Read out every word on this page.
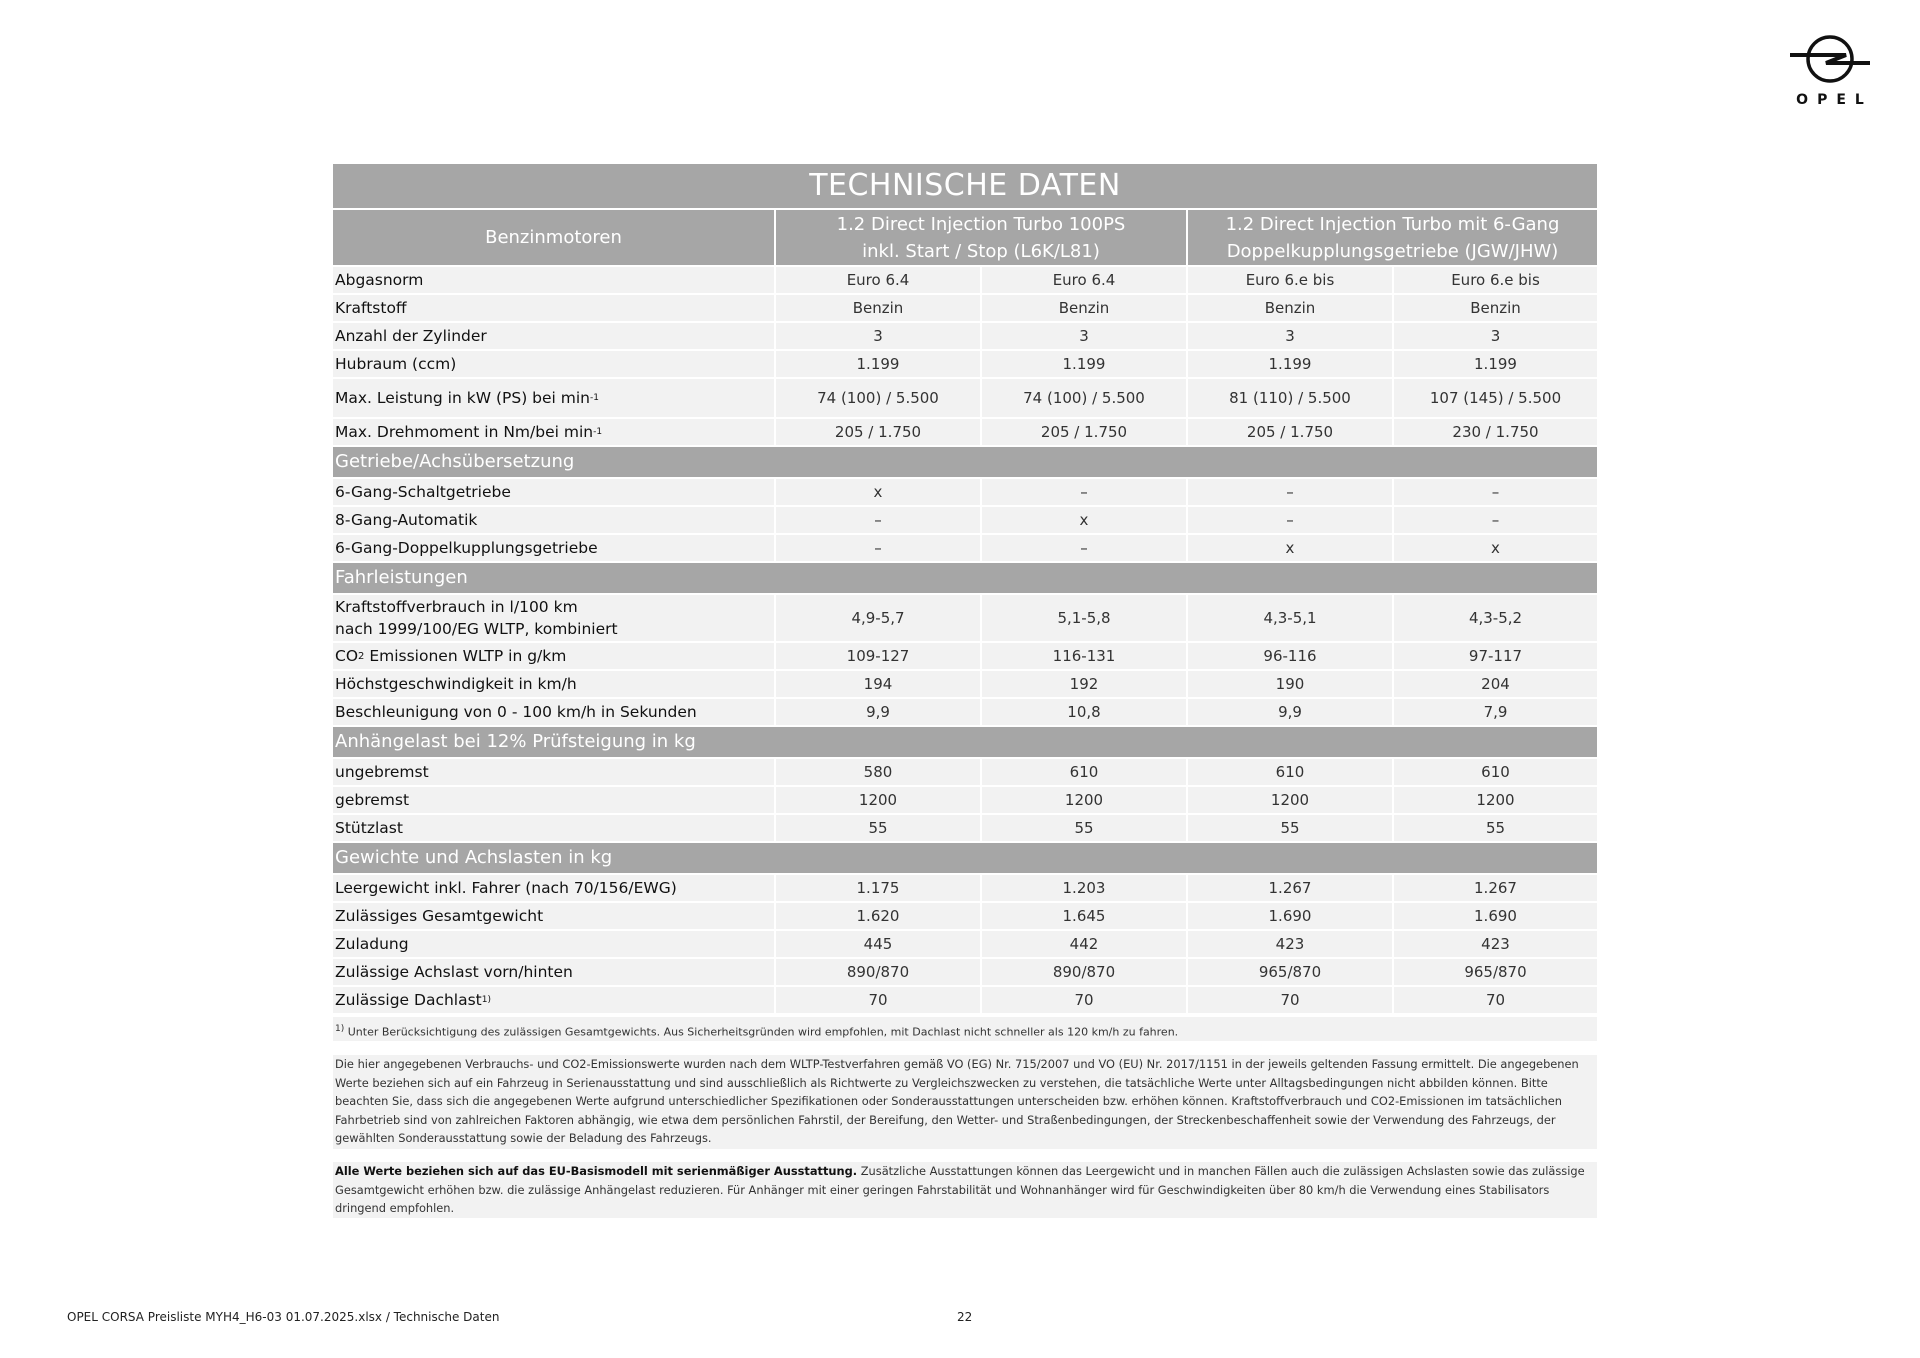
OPEL
TECHNISCHE DATEN
Benzinmotoren
1.2 Direct Injection Turbo 100PS
inkl. Start / Stop (L6K/L81)
1.2 Direct Injection Turbo mit 6-Gang
Doppelkupplungsgetriebe (JGW/JHW)
Abgasnorm	Euro 6.4	Euro 6.4	Euro 6.e bis	Euro 6.e bis
Kraftstoff	Benzin	Benzin	Benzin	Benzin
Anzahl der Zylinder	3	3	3	3
Hubraum (ccm)	1.199	1.199	1.199	1.199
Max. Leistung in kW (PS) bei min -1	74 (100) / 5.500	74 (100) / 5.500	81 (110) / 5.500	107 (145) / 5.500
Max. Drehmoment in Nm/bei min -1	205 / 1.750	205 / 1.750	205 / 1.750	230 / 1.750
Getriebe/Achsübersetzung
6-Gang-Schaltgetriebe	x	–	–	–
8-Gang-Automatik	–	x	–	–
6-Gang-Doppelkupplungsgetriebe	–	–	x	x
Fahrleistungen
Kraftstoffverbrauch in l/100 km
nach 1999/100/EG WLTP, kombiniert
4,9-5,7	5,1-5,8	4,3-5,1	4,3-5,2
CO 2 Emissionen WLTP in g/km	109-127	116-131	96-116	97-117
Höchstgeschwindigkeit in km/h	194	192	190	204
Beschleunigung von 0 - 100 km/h in Sekunden	9,9	10,8	9,9	7,9
Anhängelast bei 12% Prüfsteigung in kg
ungebremst	580	610	610	610
gebremst	1200	1200	1200	1200
Stützlast	55	55	55	55
Gewichte und Achslasten in kg
Leergewicht inkl. Fahrer (nach 70/156/EWG)	1.175	1.203	1.267	1.267
Zulässiges Gesamtgewicht	1.620	1.645	1.690	1.690
Zuladung	445	442	423	423
Zulässige Achslast vorn/hinten	890/870	890/870	965/870	965/870
Zulässige Dachlast 1)	70	70	70	70
$^{1)}$ Unter Berücksichtigung des zulässigen Gesamtgewichts. Aus Sicherheitsgründen wird empfohlen, mit Dachlast nicht schneller als 120 km/h zu fahren.
Die hier angegebenen Verbrauchs- und CO2-Emissionswerte wurden nach dem WLTP-Testverfahren gemäß VO (EG) Nr. 715/2007 und VO (EU) Nr. 2017/1151 in der jeweils geltenden Fassung ermittelt. Die angegebenen Werte beziehen sich auf ein Fahrzeug in Serienausstattung und sind ausschließlich als Richtwerte zu Vergleichszwecken zu verstehen, die tatsächliche Werte unter Alltagsbedingungen nicht abbilden können. Bitte beachten Sie, dass sich die angegebenen Werte aufgrund unterschiedlicher Spezifikationen oder Sonderausstattungen unterscheiden bzw. erhöhen können. Kraftstoffverbrauch und CO2-Emissionen im tatsächlichen Fahrbetrieb sind von zahlreichen Faktoren abhängig, wie etwa dem persönlichen Fahrstil, der Bereifung, den Wetter- und Straßenbedingungen, der Streckenbeschaffenheit sowie der Verwendung des Fahrzeugs, der gewählten Sonderausstattung sowie der Beladung des Fahrzeugs.
Alle Werte beziehen sich auf das EU-Basismodell mit serienmäßiger Ausstattung. Zusätzliche Ausstattungen können das Leergewicht und in manchen Fällen auch die zulässigen Achslasten sowie das zulässige Gesamtgewicht erhöhen bzw. die zulässige Anhängelast reduzieren. Für Anhänger mit einer geringen Fahrstabilität und Wohnanhänger wird für Geschwindigkeiten über 80 km/h die Verwendung eines Stabilisators dringend empfohlen.
OPEL CORSA Preisliste MYH4_H6-03 01.07.2025.xlsx / Technische Daten	22
